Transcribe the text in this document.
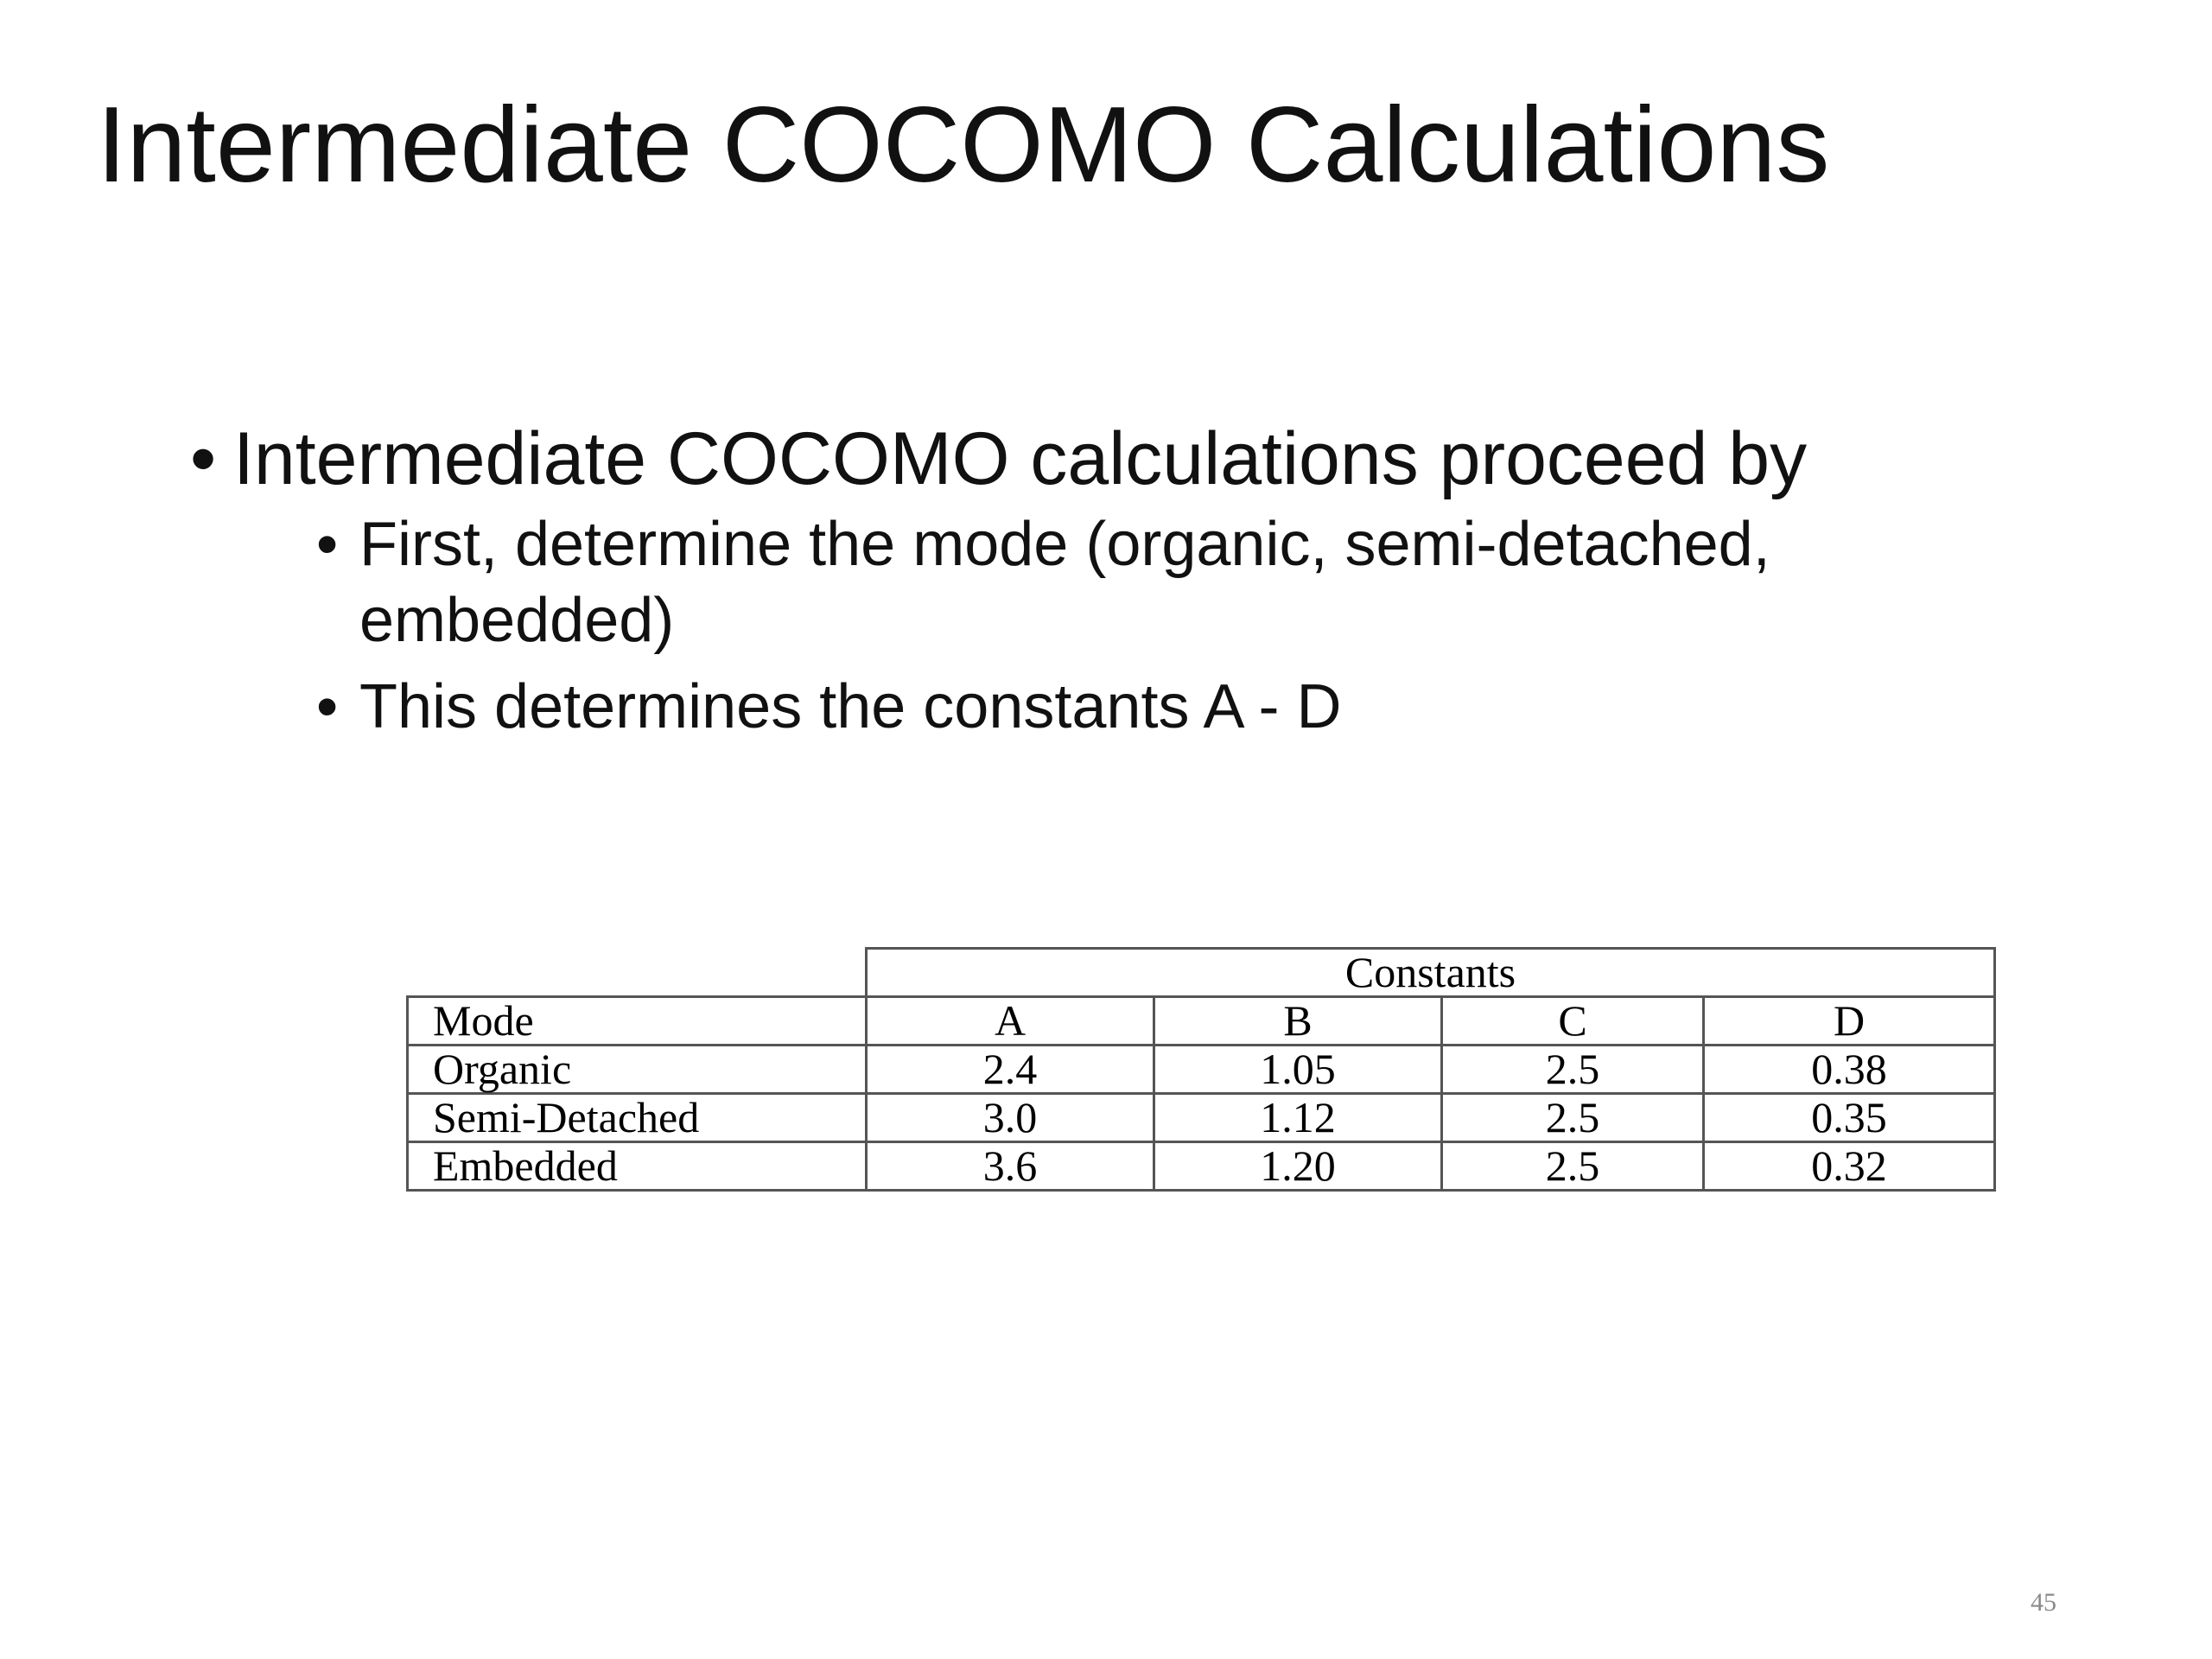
Intermediate COCOMO Calculations
• Intermediate COCOMO calculations proceed by
• First, determine the mode (organic, semi-detached, embedded)
• This determines the constants A - D
	Constants			
Mode	A	B	C	D
Organic	2.4	1.05	2.5	0.38
Semi-Detached	3.0	1.12	2.5	0.35
Embedded	3.6	1.20	2.5	0.32
45
